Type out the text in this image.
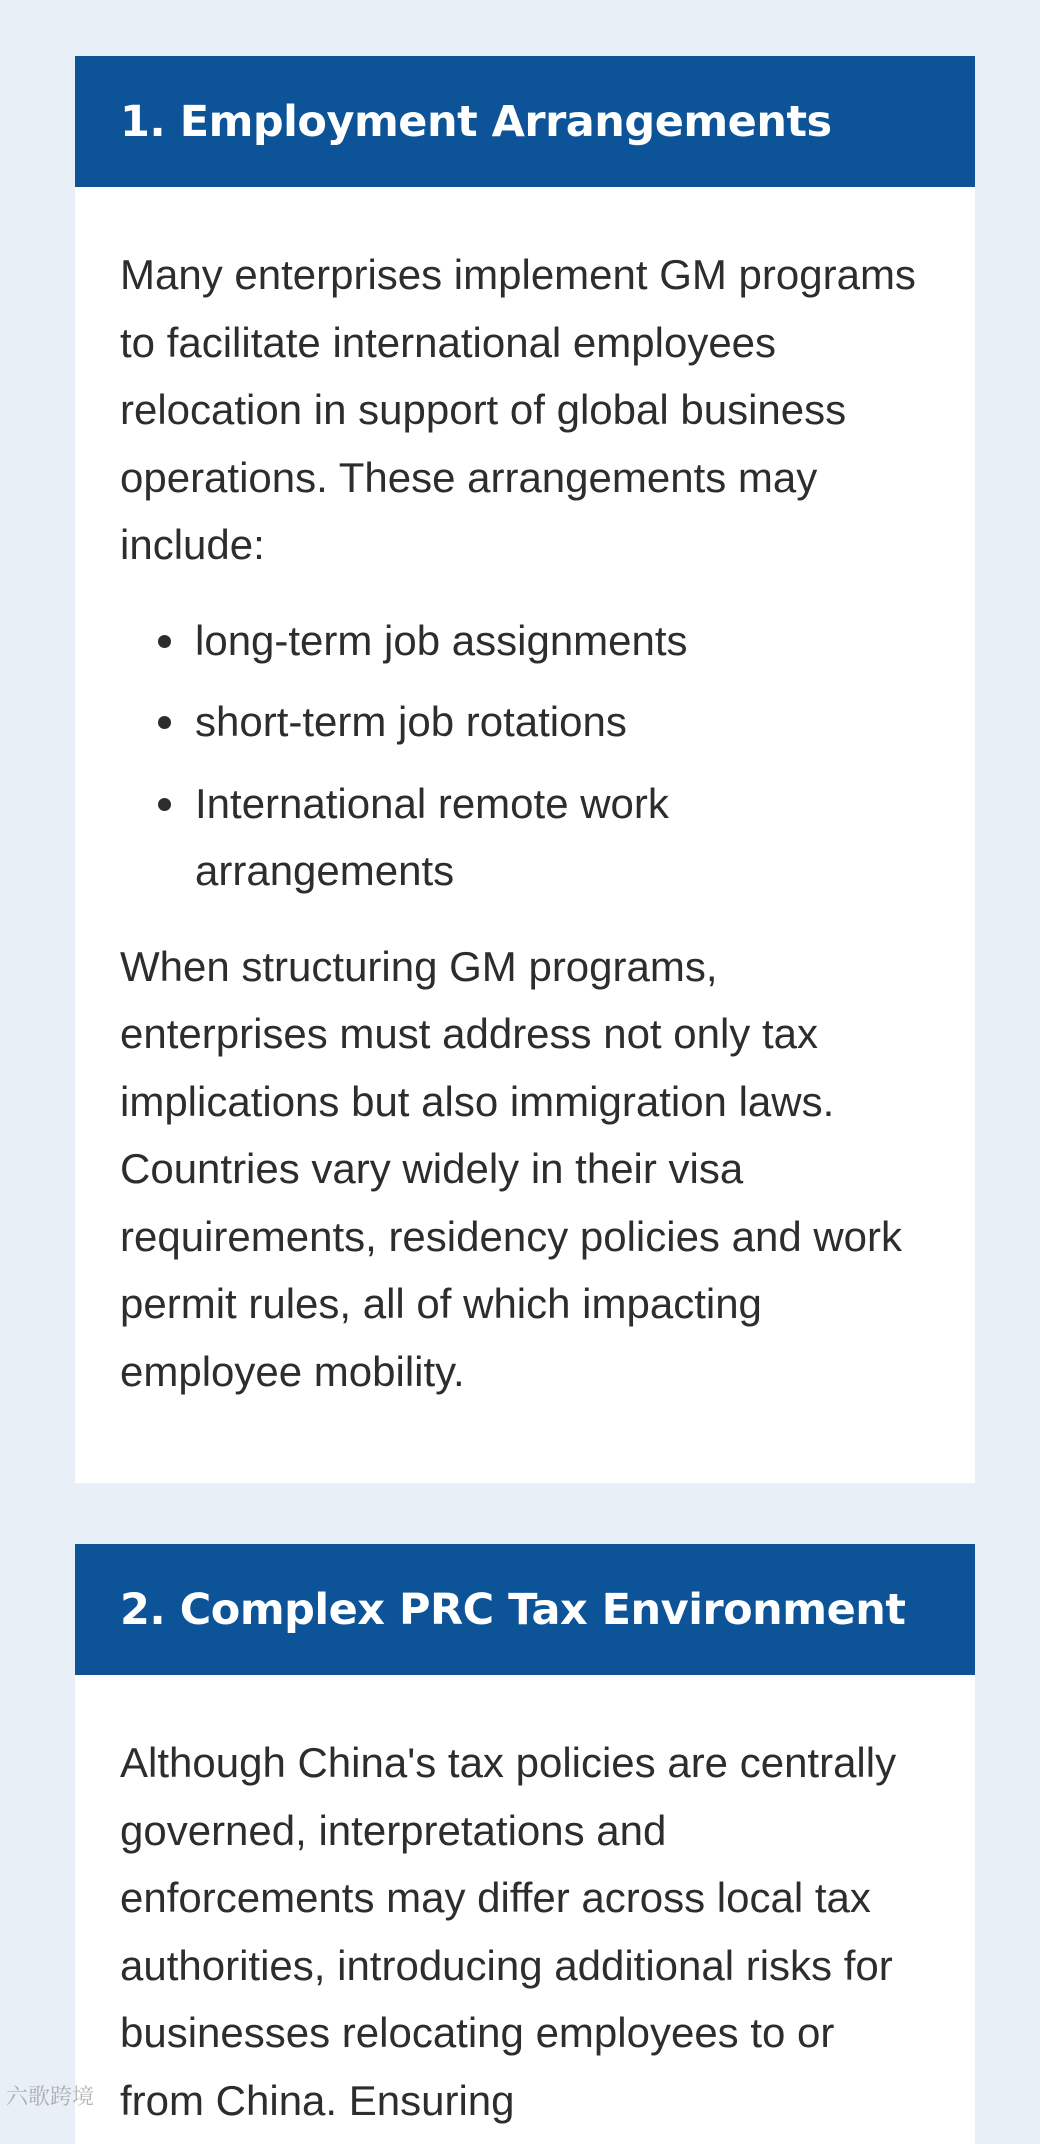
1. Employment Arrangements

Many enterprises implement GM programs to facilitate international employees relocation in support of global business operations. These arrangements may include:

long-term job assignments
short-term job rotations
International remote work arrangements

When structuring GM programs, enterprises must address not only tax implications but also immigration laws. Countries vary widely in their visa requirements, residency policies and work permit rules, all of which impacting employee mobility.

2. Complex PRC Tax Environment

Although China's tax policies are centrally governed, interpretations and enforcements may differ across local tax authorities, introducing additional risks for businesses relocating employees to or from China. Ensuring

六歌跨境
